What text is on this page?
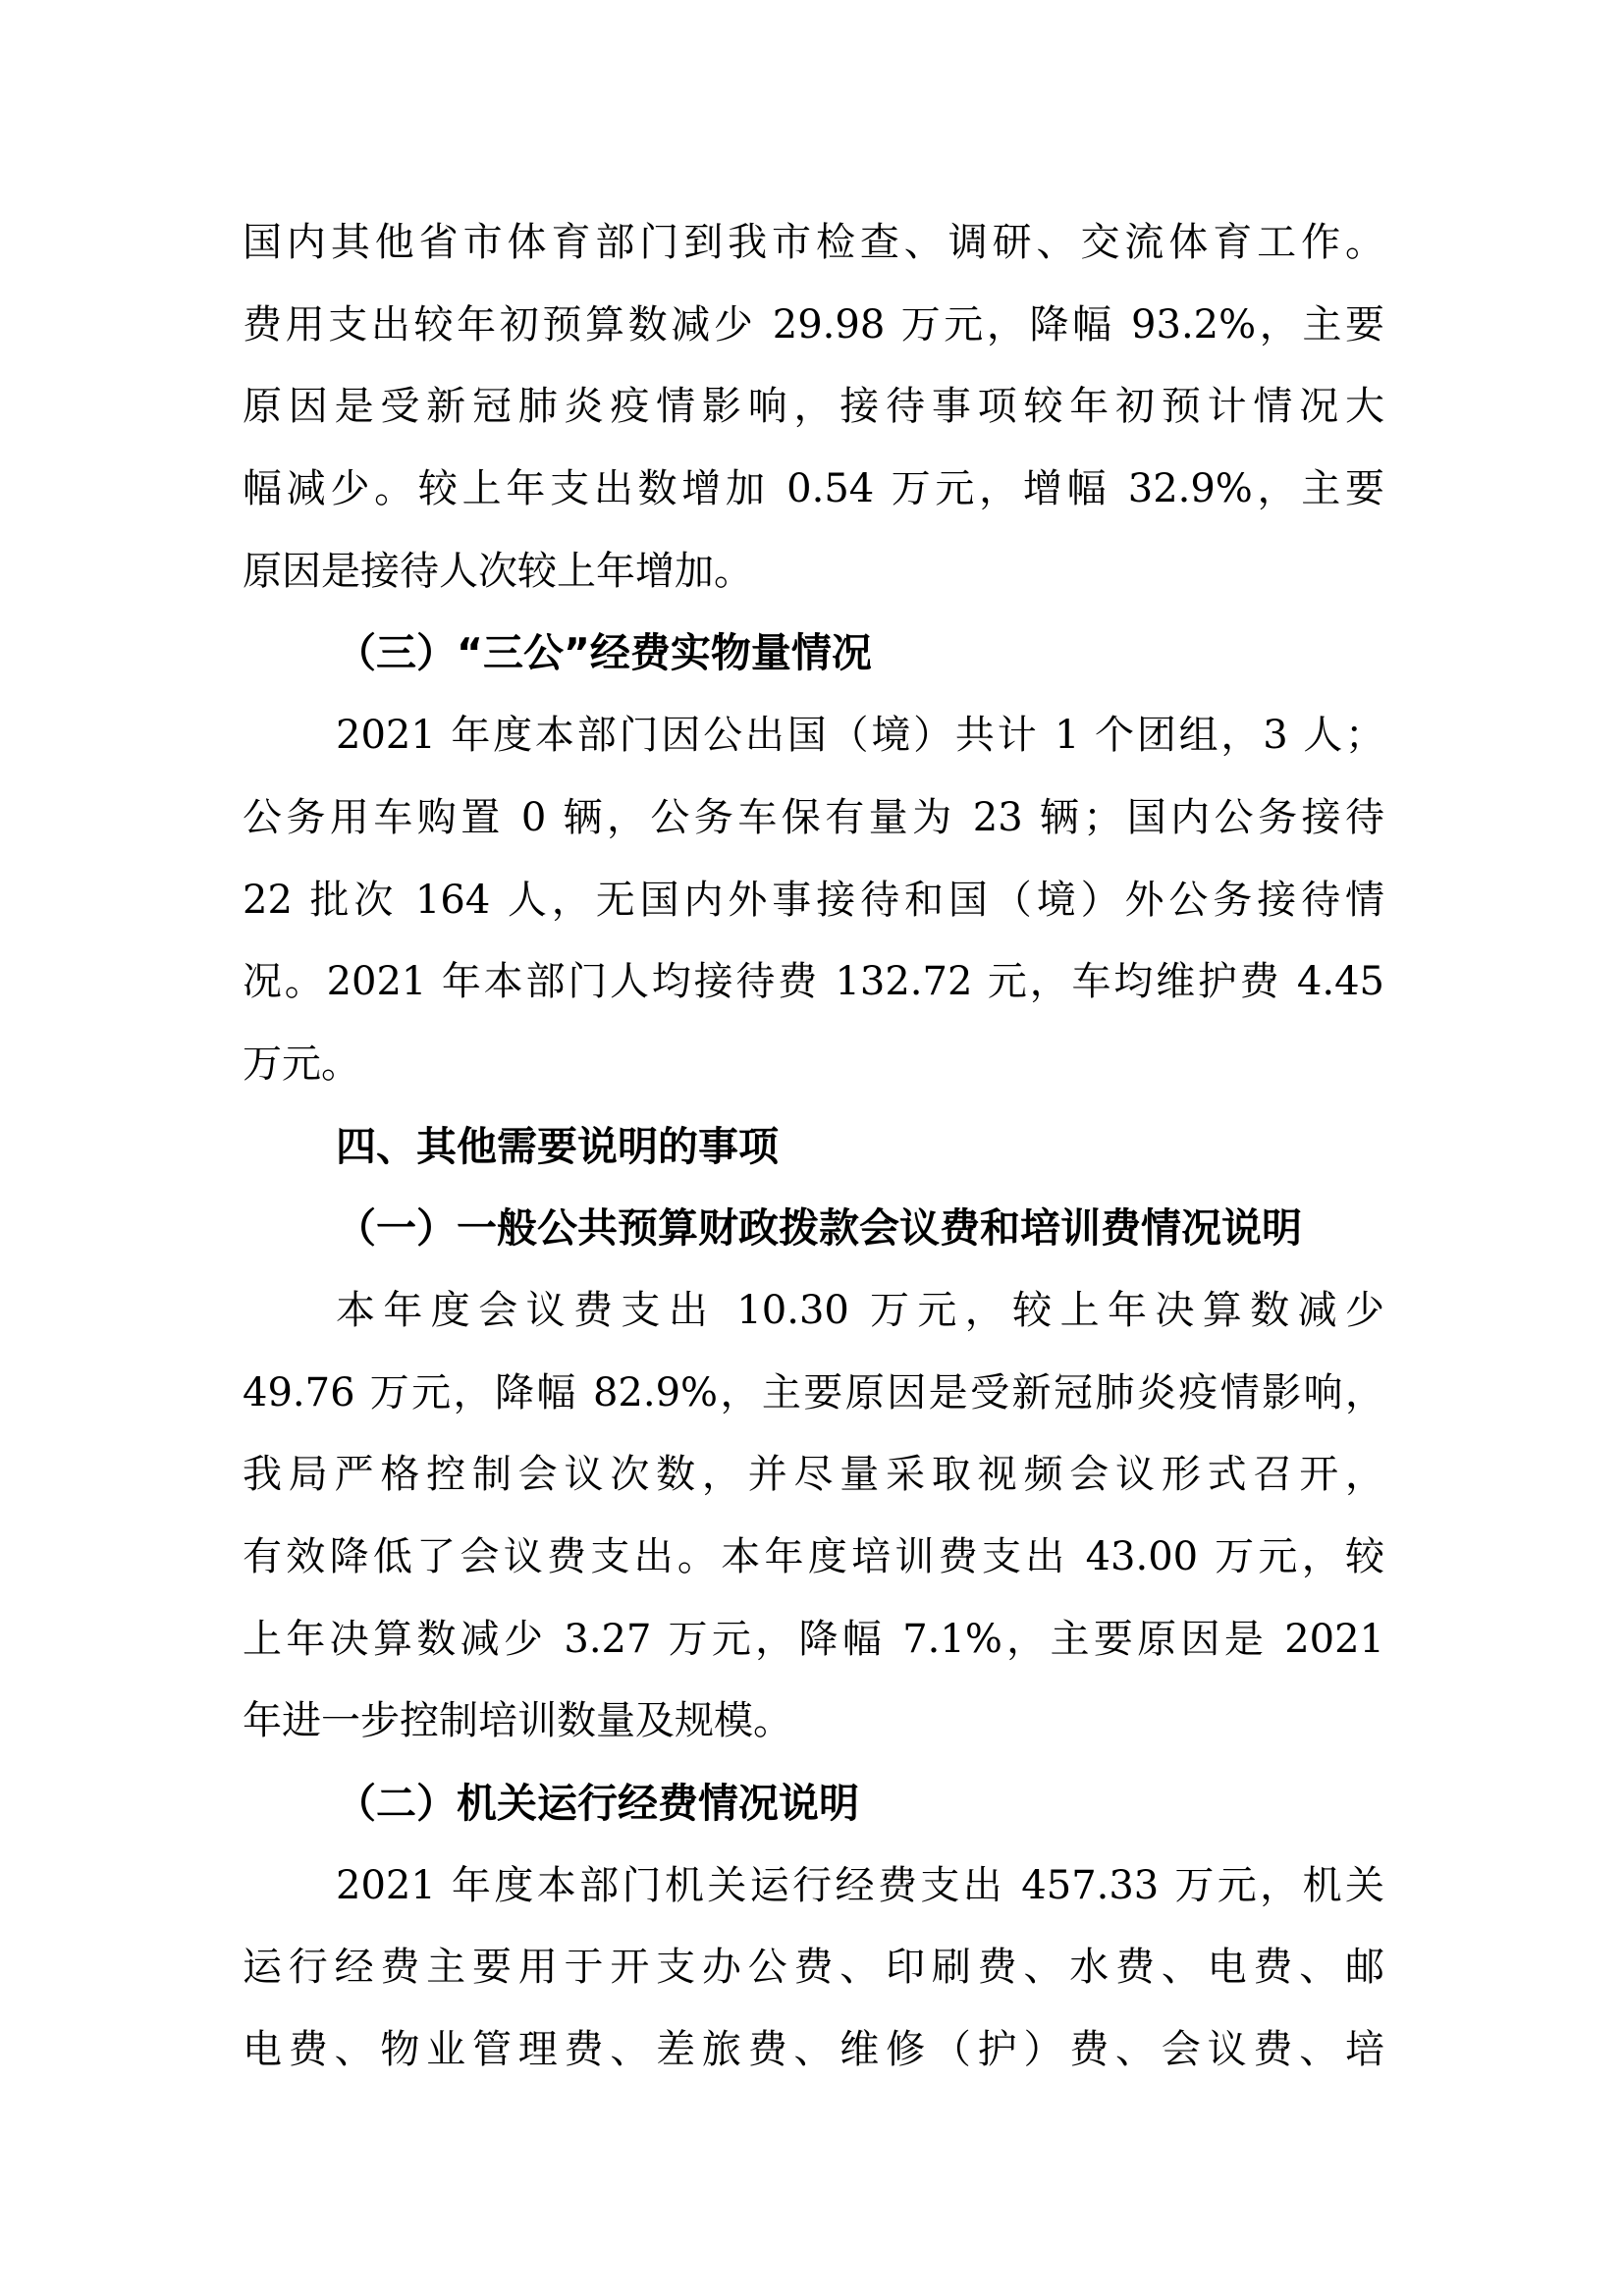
国内其他省市体育部门到我市检查、调研、交流体育工作。
费用支出较年初预算数减少 29.98 万元，降幅 93.2%，主要
原因是受新冠肺炎疫情影响，接待事项较年初预计情况大
幅减少。较上年支出数增加 0.54 万元，增幅 32.9%，主要
原因是接待人次较上年增加。
（三）“三公”经费实物量情况
2021 年度本部门因公出国（境）共计 1 个团组，3 人；
公务用车购置 0 辆，公务车保有量为 23 辆；国内公务接待
22 批次 164 人，无国内外事接待和国（境）外公务接待情
况。2021 年本部门人均接待费 132.72 元，车均维护费 4.45
万元。
四、其他需要说明的事项
（一）一般公共预算财政拨款会议费和培训费情况说明
本年度会议费支出 10.30 万元，较上年决算数减少
49.76 万元，降幅 82.9%，主要原因是受新冠肺炎疫情影响，
我局严格控制会议次数，并尽量采取视频会议形式召开，
有效降低了会议费支出。本年度培训费支出 43.00 万元，较
上年决算数减少 3.27 万元，降幅 7.1%，主要原因是 2021
年进一步控制培训数量及规模。
（二）机关运行经费情况说明
2021 年度本部门机关运行经费支出 457.33 万元，机关
运行经费主要用于开支办公费、印刷费、水费、电费、邮
电费、物业管理费、差旅费、维修（护）费、会议费、培
